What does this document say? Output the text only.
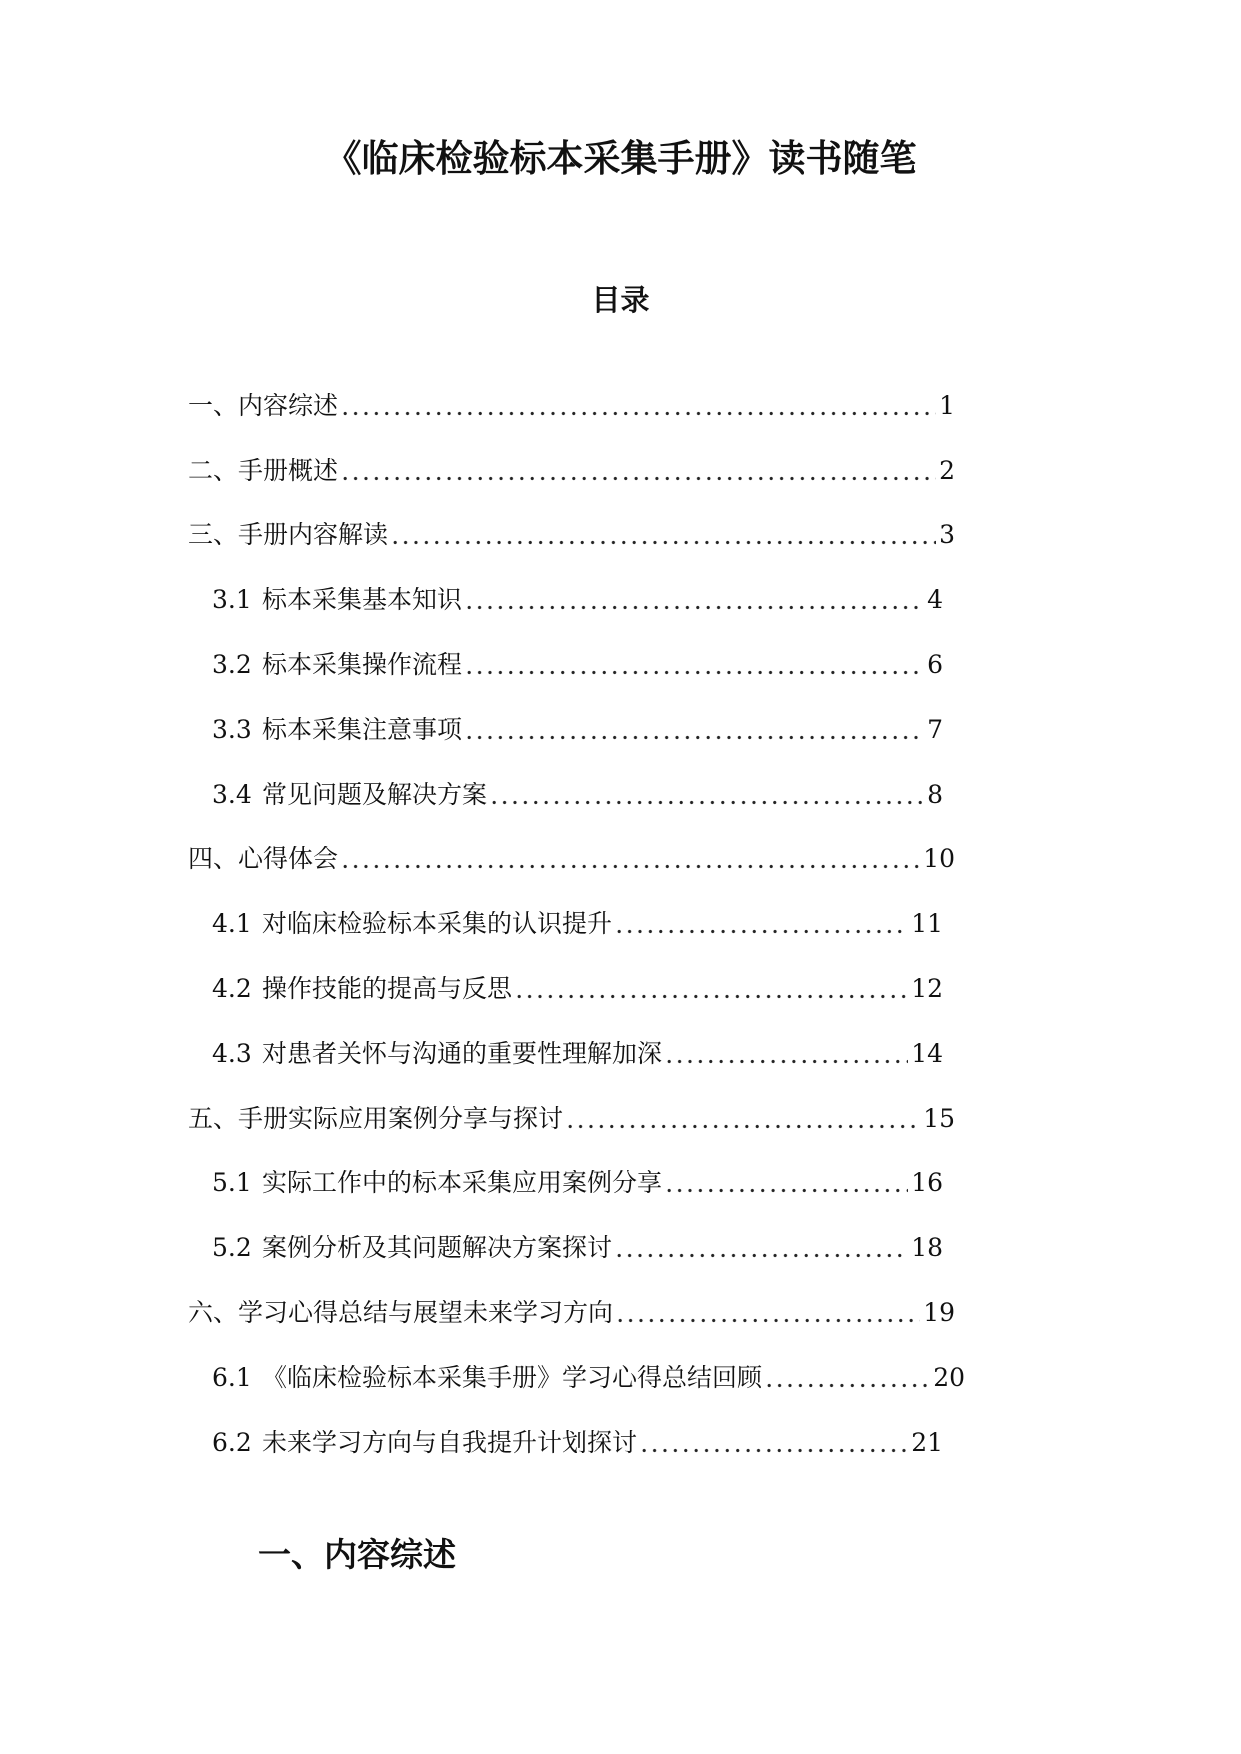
《临床检验标本采集手册》读书随笔
目录
一、内容综述	1
二、手册概述	2
三、手册内容解读	3
3.1 标本采集基本知识	4
3.2 标本采集操作流程	6
3.3 标本采集注意事项	7
3.4 常见问题及解决方案	8
四、心得体会	10
4.1 对临床检验标本采集的认识提升	11
4.2 操作技能的提高与反思	12
4.3 对患者关怀与沟通的重要性理解加深	14
五、手册实际应用案例分享与探讨	15
5.1 实际工作中的标本采集应用案例分享	16
5.2 案例分析及其问题解决方案探讨	18
六、学习心得总结与展望未来学习方向	19
6.1 《临床检验标本采集手册》学习心得总结回顾	20
6.2 未来学习方向与自我提升计划探讨	21
一、内容综述
